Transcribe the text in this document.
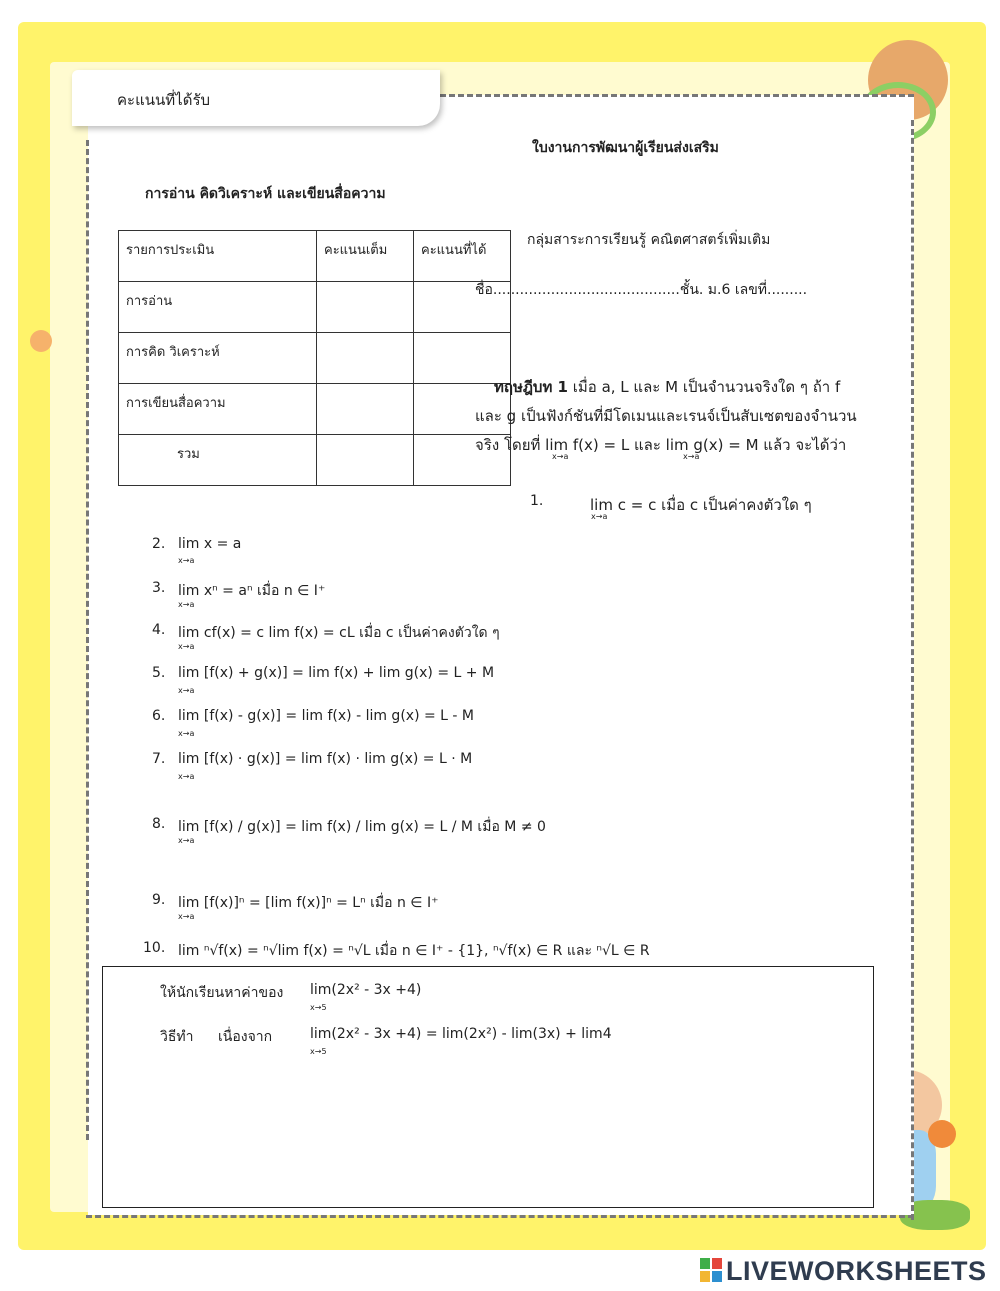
คะแนนที่ได้รับ
ใบงานการพัฒนาผู้เรียนส่งเสริม
การอ่าน คิดวิเคราะห์ และเขียนสื่อความ
กลุ่มสาระการเรียนรู้ คณิตศาสตร์เพิ่มเติม
ชื่อ..........................................ชั้น. ม.6 เลขที่.........
รายการประเมิน	คะแนนเต็ม	คะแนนที่ได้
การอ่าน		
การคิด วิเคราะห์		
การเขียนสื่อความ		
รวม		
ทฤษฎีบท 1 เมื่อ a, L และ M เป็นจำนวนจริงใด ๆ ถ้า f
และ g เป็นฟังก์ชันที่มีโดเมนและเรนจ์เป็นสับเซตของจำนวน
จริง โดยที่ lim f(x) = L และ lim g(x) = M แล้ว จะได้ว่า
x→a	x→a
1.	lim c = c เมื่อ c เป็นค่าคงตัวใด ๆ
x→a
2. lim x = a
x→a
3. lim xⁿ = aⁿ เมื่อ n ∈ I⁺
x→a
4. lim cf(x) = c lim f(x) = cL เมื่อ c เป็นค่าคงตัวใด ๆ
x→a
5. lim [f(x) + g(x)] = lim f(x) + lim g(x) = L + M
x→a
6. lim [f(x) - g(x)] = lim f(x) - lim g(x) = L - M
x→a
7. lim [f(x) · g(x)] = lim f(x) · lim g(x) = L · M
x→a
8. lim [f(x) / g(x)] = lim f(x) / lim g(x) = L / M เมื่อ M ≠ 0
x→a
9. lim [f(x)]ⁿ = [lim f(x)]ⁿ = Lⁿ เมื่อ n ∈ I⁺
x→a
10. lim ⁿ√f(x) = ⁿ√lim f(x) = ⁿ√L เมื่อ n ∈ I⁺ - {1}, ⁿ√f(x) ∈ R และ ⁿ√L ∈ R
ให้นักเรียนหาค่าของ lim(2x² - 3x +4)
x→5
วิธีทำ เนื่องจาก	lim(2x² - 3x +4) = lim(2x²) - lim(3x) + lim4
x→5
LIVEWORKSHEETS
